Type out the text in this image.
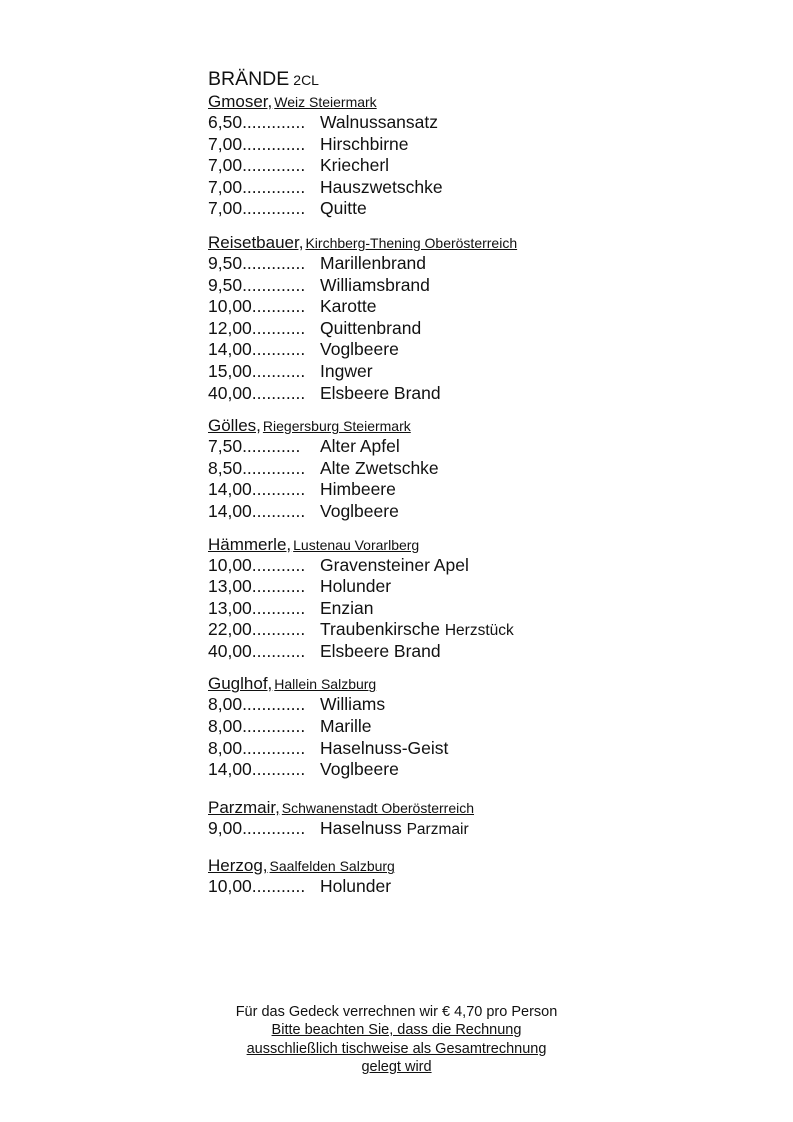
BRÄNDE 2CL
Gmoser, Weiz Steiermark
6,50............. Walnussansatz
7,00............. Hirschbirne
7,00............. Kriecherl
7,00............. Hauszwetschke
7,00............. Quitte
Reisetbauer, Kirchberg-Thening Oberösterreich
9,50............. Marillenbrand
9,50............. Williamsbrand
10,00........... Karotte
12,00........... Quittenbrand
14,00........... Voglbeere
15,00........... Ingwer
40,00........... Elsbeere Brand
Gölles, Riegersburg Steiermark
7,50............ Alter Apfel
8,50............. Alte Zwetschke
14,00........... Himbeere
14,00........... Voglbeere
Hämmerle, Lustenau Vorarlberg
10,00........... Gravensteiner Apel
13,00........... Holunder
13,00........... Enzian
22,00........... Traubenkirsche Herzstück
40,00........... Elsbeere Brand
Guglhof, Hallein Salzburg
8,00............. Williams
8,00............. Marille
8,00............. Haselnuss-Geist
14,00........... Voglbeere
Parzmair, Schwanenstadt Oberösterreich
9,00............. Haselnuss Parzmair
Herzog, Saalfelden Salzburg
10,00........... Holunder
Für das Gedeck verrechnen wir € 4,70 pro Person
Bitte beachten Sie, dass die Rechnung
ausschließlich tischweise als Gesamtrechnung
gelegt wird
